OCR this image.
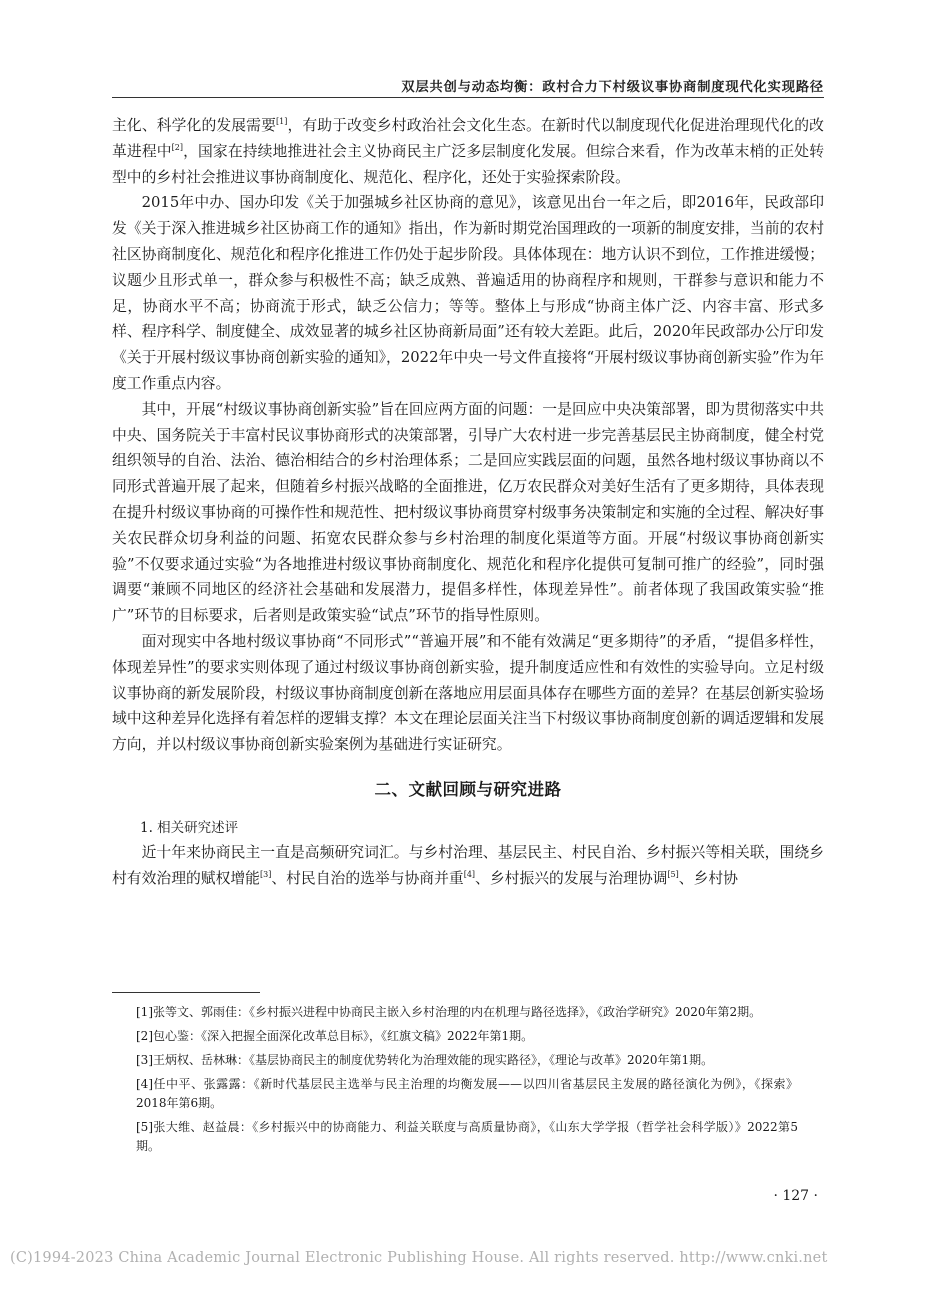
双层共创与动态均衡：政村合力下村级议事协商制度现代化实现路径

主化、科学化的发展需要[1]，有助于改变乡村政治社会文化生态。在新时代以制度现代化促进治理现代化的改革进程中[2]，国家在持续地推进社会主义协商民主广泛多层制度化发展。但综合来看，作为改革末梢的正处转型中的乡村社会推进议事协商制度化、规范化、程序化，还处于实验探索阶段。

2015年中办、国办印发《关于加强城乡社区协商的意见》，该意见出台一年之后，即2016年，民政部印发《关于深入推进城乡社区协商工作的通知》指出，作为新时期党治国理政的一项新的制度安排，当前的农村社区协商制度化、规范化和程序化推进工作仍处于起步阶段。具体体现在：地方认识不到位，工作推进缓慢；议题少且形式单一，群众参与积极性不高；缺乏成熟、普遍适用的协商程序和规则，干群参与意识和能力不足，协商水平不高；协商流于形式，缺乏公信力；等等。整体上与形成“协商主体广泛、内容丰富、形式多样、程序科学、制度健全、成效显著的城乡社区协商新局面”还有较大差距。此后，2020年民政部办公厅印发《关于开展村级议事协商创新实验的通知》，2022年中央一号文件直接将“开展村级议事协商创新实验”作为年度工作重点内容。

其中，开展“村级议事协商创新实验”旨在回应两方面的问题：一是回应中央决策部署，即为贯彻落实中共中央、国务院关于丰富村民议事协商形式的决策部署，引导广大农村进一步完善基层民主协商制度，健全村党组织领导的自治、法治、德治相结合的乡村治理体系；二是回应实践层面的问题，虽然各地村级议事协商以不同形式普遍开展了起来，但随着乡村振兴战略的全面推进，亿万农民群众对美好生活有了更多期待，具体表现在提升村级议事协商的可操作性和规范性、把村级议事协商贯穿村级事务决策制定和实施的全过程、解决好事关农民群众切身利益的问题、拓宽农民群众参与乡村治理的制度化渠道等方面。开展“村级议事协商创新实验”不仅要求通过实验“为各地推进村级议事协商制度化、规范化和程序化提供可复制可推广的经验”，同时强调要“兼顾不同地区的经济社会基础和发展潜力，提倡多样性，体现差异性”。前者体现了我国政策实验“推广”环节的目标要求，后者则是政策实验“试点”环节的指导性原则。

面对现实中各地村级议事协商“不同形式”“普遍开展”和不能有效满足“更多期待”的矛盾，“提倡多样性，体现差异性”的要求实则体现了通过村级议事协商创新实验，提升制度适应性和有效性的实验导向。立足村级议事协商的新发展阶段，村级议事协商制度创新在落地应用层面具体存在哪些方面的差异？在基层创新实验场域中这种差异化选择有着怎样的逻辑支撑？本文在理论层面关注当下村级议事协商制度创新的调适逻辑和发展方向，并以村级议事协商创新实验案例为基础进行实证研究。

二、文献回顾与研究进路
1. 相关研究述评

近十年来协商民主一直是高频研究词汇。与乡村治理、基层民主、村民自治、乡村振兴等相关联，围绕乡村有效治理的赋权增能[3]、村民自治的选举与协商并重[4]、乡村振兴的发展与治理协调[5]、乡村协

[1]张等文、郭雨佳：《乡村振兴进程中协商民主嵌入乡村治理的内在机理与路径选择》，《政治学研究》2020年第2期。

[2]包心鉴：《深入把握全面深化改革总目标》，《红旗文稿》2022年第1期。

[3]王炳权、岳林琳：《基层协商民主的制度优势转化为治理效能的现实路径》，《理论与改革》2020年第1期。

[4]任中平、张露露：《新时代基层民主选举与民主治理的均衡发展——以四川省基层民主发展的路径演化为例》，《探索》2018年第6期。

[5]张大维、赵益晨：《乡村振兴中的协商能力、利益关联度与高质量协商》，《山东大学学报（哲学社会科学版）》2022第5期。

· 127 ·
(C)1994-2023 China Academic Journal Electronic Publishing House. All rights reserved. http://www.cnki.net
